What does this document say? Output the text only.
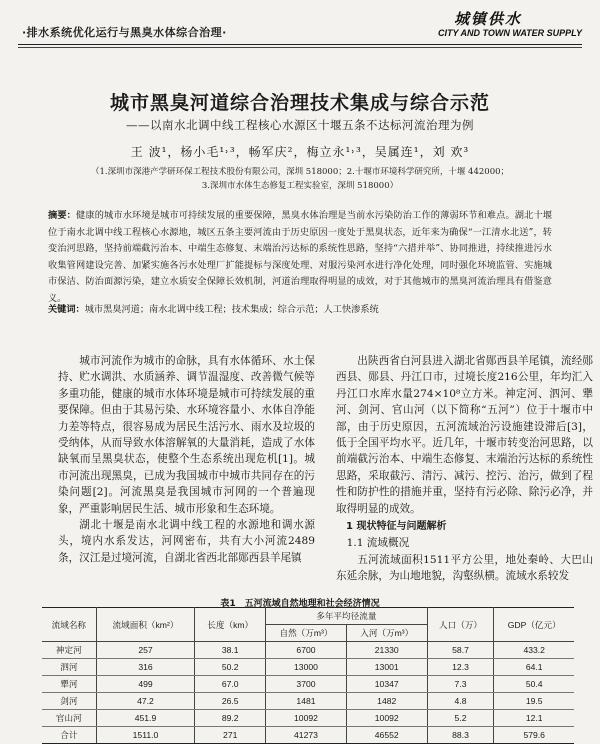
·排水系统优化运行与黑臭水体综合治理·
城镇供水
CITY AND TOWN WATER SUPPLY
城市黑臭河道综合治理技术集成与综合示范
——以南水北调中线工程核心水源区十堰五条不达标河流治理为例
王 波¹，杨小毛¹˒³，畅军庆²，梅立永¹˒³，吴属连¹，刘 欢³
（1.深圳市深港产学研环保工程技术股份有限公司，深圳 518000；2.十堰市环境科学研究所，十堰 442000；
3.深圳市水体生态修复工程实验室，深圳 518000）
摘要：健康的城市水环境是城市可持续发展的重要保障，黑臭水体治理是当前水污染防治工作的薄弱环节和难点。湖北十堰位于南水北调中线工程核心水源地，城区五条主要河流由于历史原因一度处于黑臭状态，近年来为确保“一江清水北送”，转变治河思路，坚持前端截污治本、中端生态修复、末端治污达标的系统性思路，坚持“六措并举”、协同推进，持续推进污水收集管网建设完善、加紧实施各污水处理厂扩能提标与深度处理、对服污染河水进行净化处理，同时强化环境监管、实施城市保洁、防治面源污染，建立水质安全保障长效机制，河道治理取得明显的成效，对于其他城市的黑臭河流治理具有借鉴意义。
关键词：城市黑臭河道；南水北调中线工程；技术集成；综合示范；人工快渗系统

城市河流作为城市的命脉，具有水体循环、水土保持、贮水调洪、水质涵养、调节温湿度、改善微气候等多重功能，健康的城市水体环境是城市可持续发展的重要保障。但由于其易污染、水环境容量小、水体自净能力差等特点，很容易成为居民生活污水、雨水及垃圾的受纳体，从而导致水体溶解氧的大量消耗，造成了水体缺氧而呈黑臭状态，使整个生态系统出现危机[1]。城市河流出现黑臭，已成为我国城市中城市共同存在的污染问题[2]。河流黑臭是我国城市河网的一个普遍现象，严重影响居民生活、城市形象和生态环境。

湖北十堰是南水北调中线工程的水源地和调水源头，境内水系发达，河网密布，共有大小河流2489条，汉江是过境河流，自湖北省西北部郧西县羊尾镇

出陕西省白河县进入湖北省郧西县羊尾镇，流经郧西县、郧县、丹江口市，过境长度216公里，年均汇入丹江口水库水量274×10⁸立方米。神定河、泗河、犟河、剑河、官山河（以下简称“五河”）位于十堰市中部，由于历史原因，五河流域治污设施建设滞后[3]，低于全国平均水平。近几年，十堰市转变治河思路，以前端截污治本、中端生态修复、末端治污达标的系统性思路，采取截污、清污、减污、控污、治污，做到了程性和防护性的措施并重，坚持有污必除、除污必净，并取得明显的成效。

1 现状特征与问题解析
1.1 流域概况

五河流域面积1511平方公里，地处秦岭、大巴山东延余脉，为山地地貌，沟壑纵横。流域水系较发

表1　五河流域自然地理和社会经济情况
流域名称	流域面积（km²）	长度（km）	多年平均径流量		人口（万）	GDP（亿元）
			自然（万m³）	入河（万m³）		
神定河	257	38.1	6700	21330	58.7	433.2
泗河	316	50.2	13000	13001	12.3	64.1
犟河	499	67.0	3700	10347	7.3	50.4
剑河	47.2	26.5	1481	1482	4.8	19.5
官山河	451.9	89.2	10092	10092	5.2	12.1
合计	1511.0	271	41273	46552	88.3	579.6
